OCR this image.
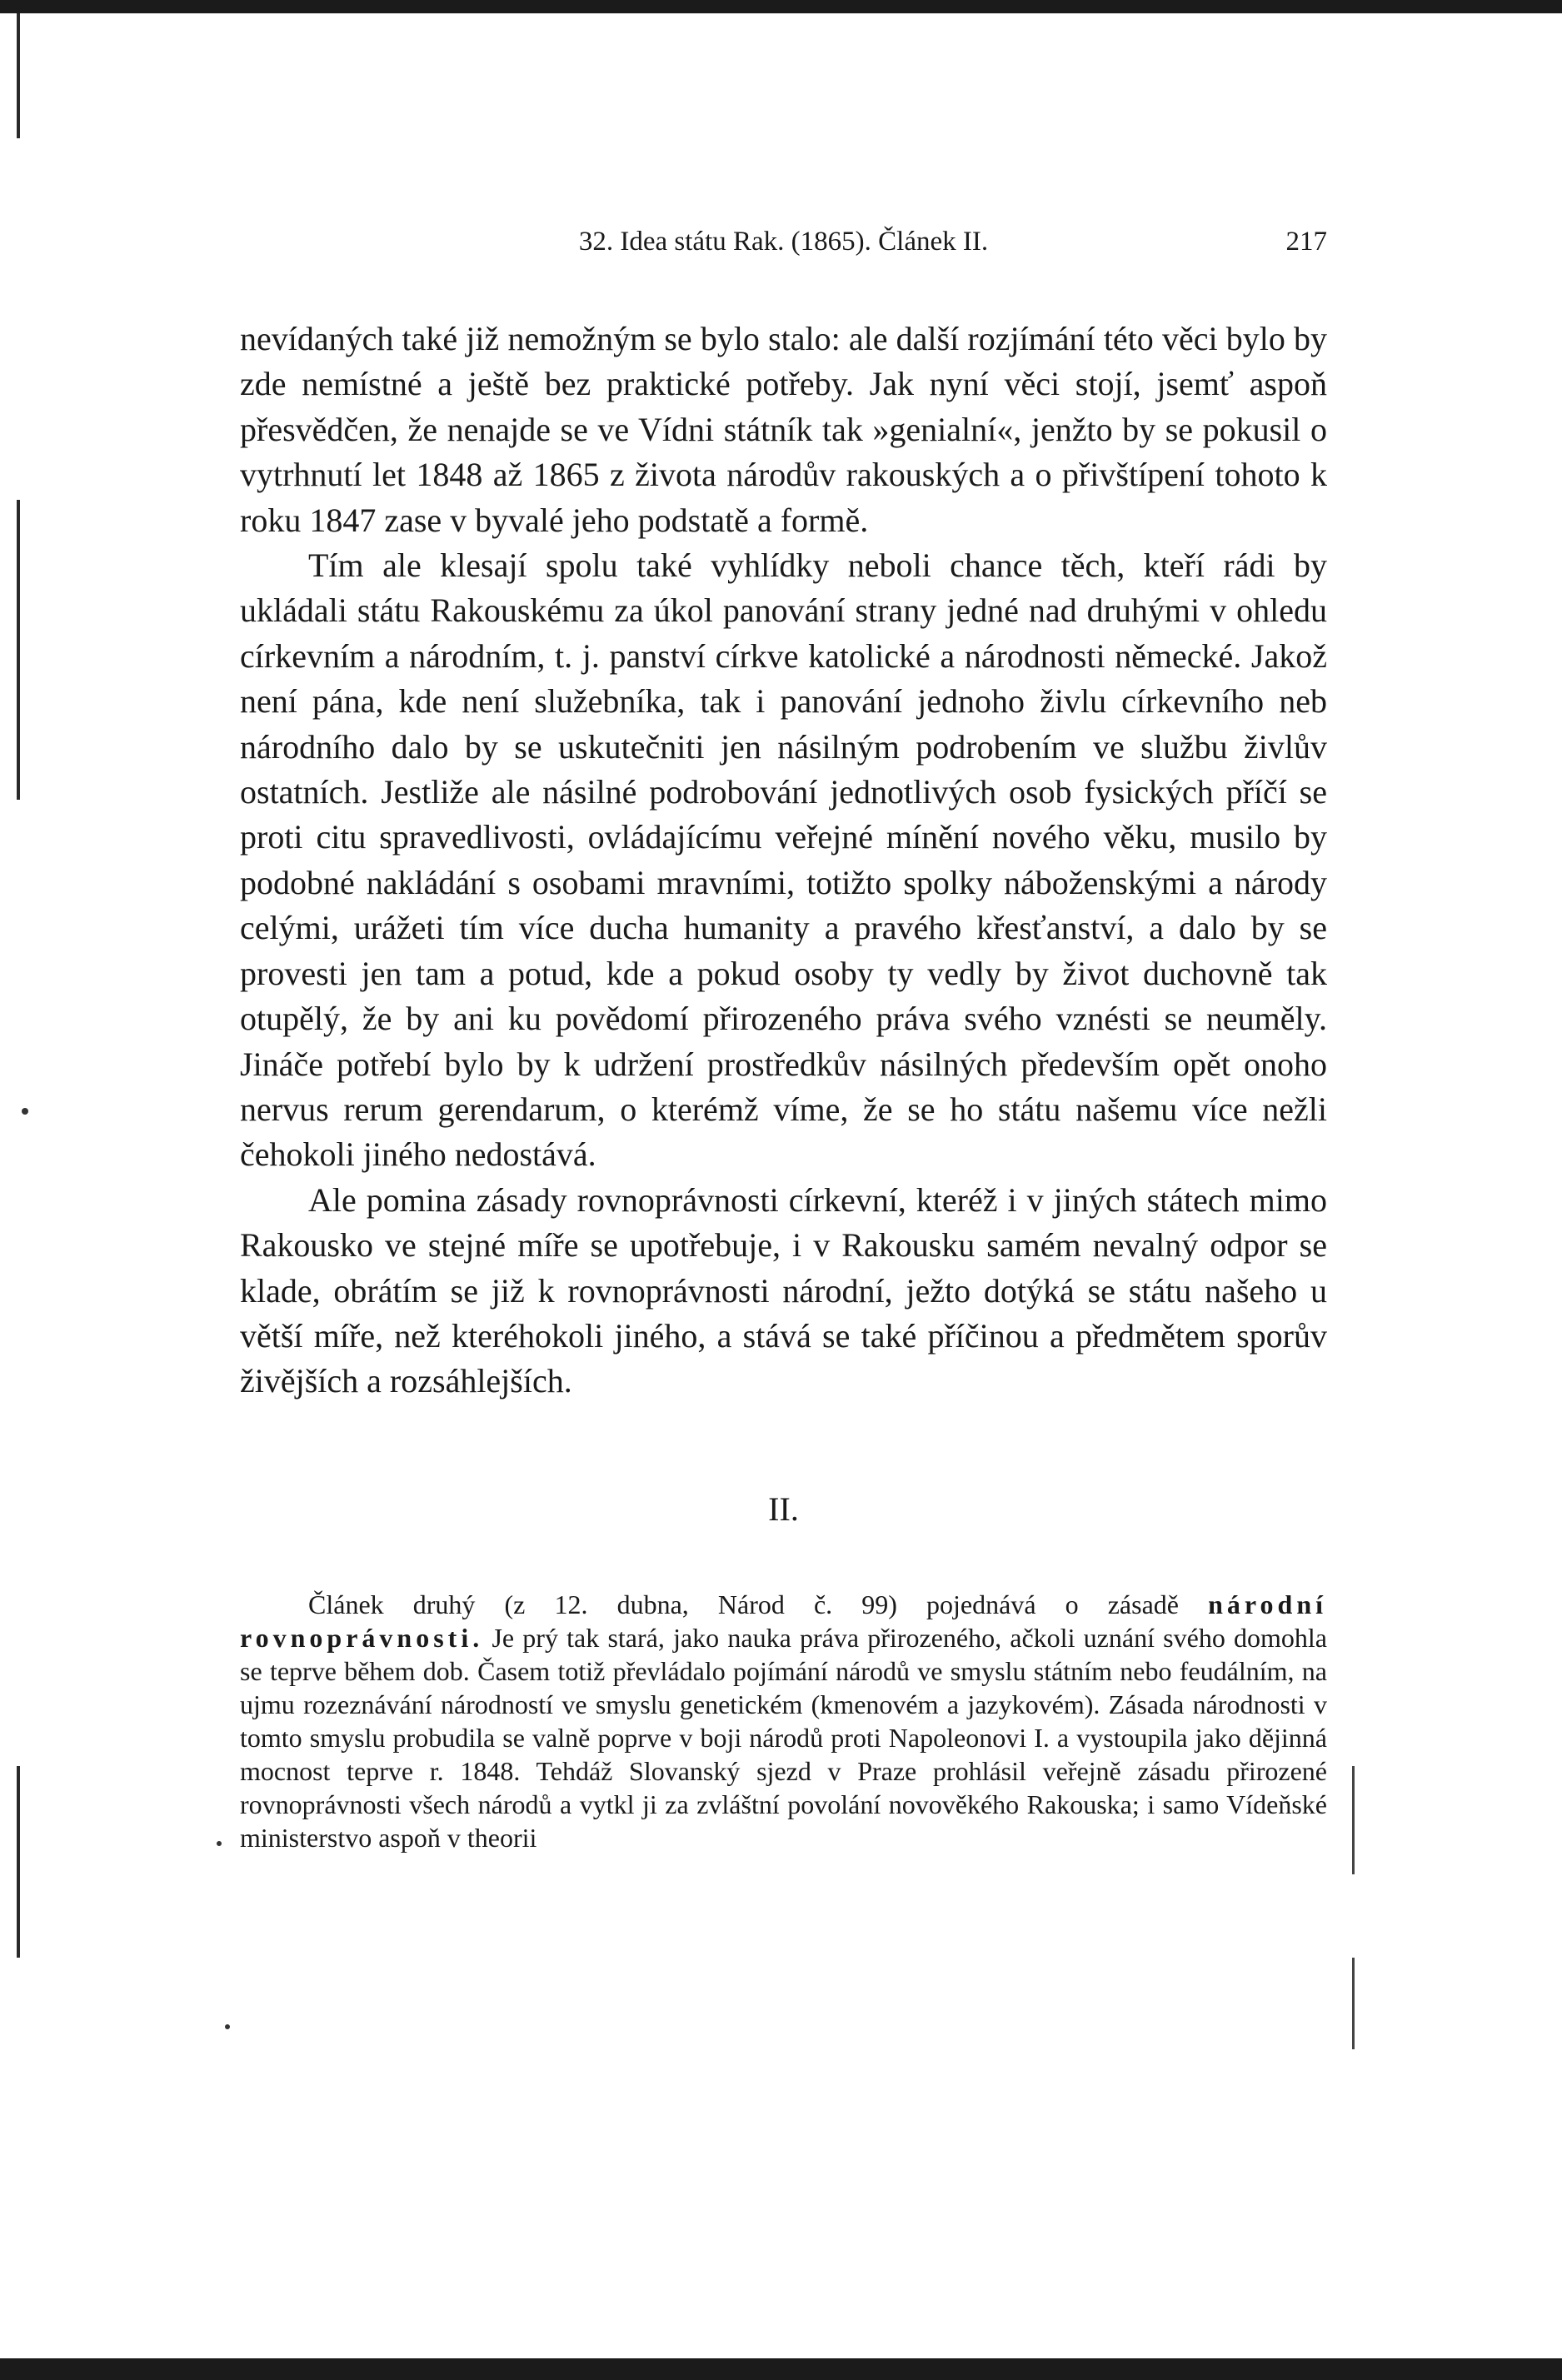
32. Idea státu Rak. (1865). Článek II.	217

nevídaných také již nemožným se bylo stalo: ale další rozjímání této věci bylo by zde nemístné a ještě bez praktické potřeby. Jak nyní věci stojí, jsemť aspoň přesvědčen, že nenajde se ve Vídni státník tak »genialní«, jenžto by se pokusil o vytrhnutí let 1848 až 1865 z života národův rakouských a o přivštípení tohoto k roku 1847 zase v byvalé jeho podstatě a formě.

Tím ale klesají spolu také vyhlídky neboli chance těch, kteří rádi by ukládali státu Rakouskému za úkol panování strany jedné nad druhými v ohledu církevním a národním, t. j. panství církve katolické a národnosti německé. Jakož není pána, kde není služebníka, tak i panování jednoho živlu církevního neb národního dalo by se uskutečniti jen násilným podrobením ve službu živlův ostatních. Jestliže ale násilné podrobování jednotlivých osob fysických příčí se proti citu spravedlivosti, ovládajícímu veřejné mínění nového věku, musilo by podobné nakládání s osobami mravními, totižto spolky náboženskými a národy celými, urážeti tím více ducha humanity a pravého křesťanství, a dalo by se provesti jen tam a potud, kde a pokud osoby ty vedly by život duchovně tak otupělý, že by ani ku povědomí přirozeného práva svého vznésti se neuměly. Jináče potřebí bylo by k udržení prostředkův násilných především opět onoho nervus rerum gerendarum, o kterémž víme, že se ho státu našemu více nežli čehokoli jiného nedostává.

Ale pomina zásady rovnoprávnosti církevní, kteréž i v jiných státech mimo Rakousko ve stejné míře se upotřebuje, i v Rakousku samém nevalný odpor se klade, obrátím se již k rovnoprávnosti národní, ježto dotýká se státu našeho u větší míře, než kteréhokoli jiného, a stává se také příčinou a předmětem sporův živějších a rozsáhlejších.

II.
Článek druhý (z 12. dubna, Národ č. 99) pojednává o zásadě národní rovnoprávnosti. Je prý tak stará, jako nauka práva přirozeného, ačkoli uznání svého domohla se teprve během dob. Časem totiž převládalo pojímání národů ve smyslu státním nebo feudálním, na ujmu rozeznávání národností ve smyslu genetickém (kmenovém a jazykovém). Zásada národnosti v tomto smyslu probudila se valně poprve v boji národů proti Napoleonovi I. a vystoupila jako dějinná mocnost teprve r. 1848. Tehdáž Slovanský sjezd v Praze prohlásil veřejně zásadu přirozené rovnoprávnosti všech národů a vytkl ji za zvláštní povolání novověkého Rakouska; i samo Vídeňské ministerstvo aspoň v theorii
